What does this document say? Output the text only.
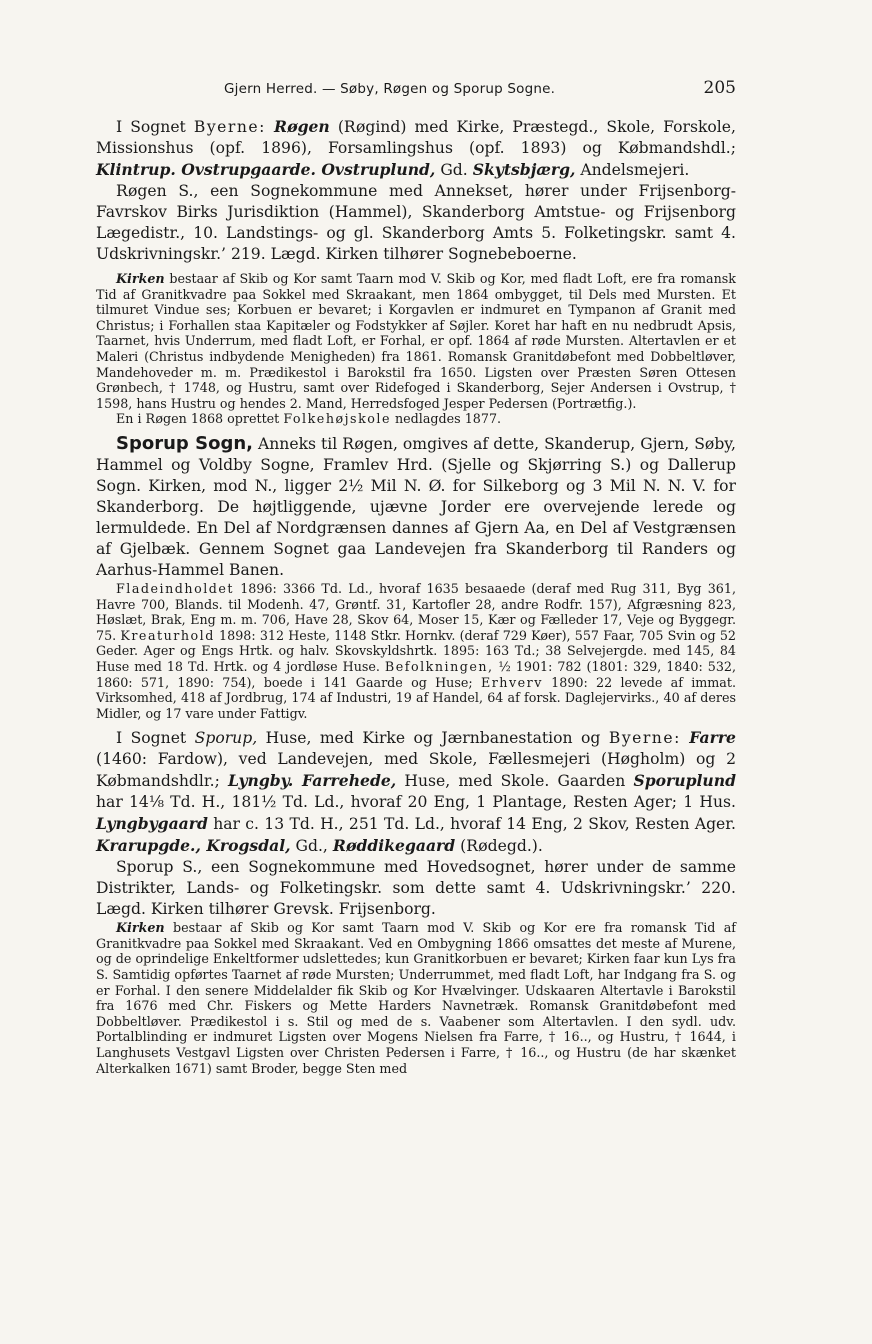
Gjern Herred. — Søby, Røgen og Sporup Sogne.	205

I Sognet Byerne: Røgen (Røgind) med Kirke, Præstegd., Skole, Forskole, Missionshus (opf. 1896), Forsamlingshus (opf. 1893) og Købmandshdl.; Klintrup. Ovstrupgaarde. Ovstruplund, Gd. Skytsbjærg, Andelsmejeri.

Røgen S., een Sognekommune med Annekset, hører under Frijsenborg-Favrskov Birks Jurisdiktion (Hammel), Skanderborg Amtstue- og Frijsenborg Lægedistr., 10. Landstings- og gl. Skanderborg Amts 5. Folketingskr. samt 4. Udskrivningskr.’ 219. Lægd. Kirken tilhører Sognebeboerne.

Kirken bestaar af Skib og Kor samt Taarn mod V. Skib og Kor, med fladt Loft, ere fra romansk Tid af Granitkvadre paa Sokkel med Skraakant, men 1864 ombygget, til Dels med Mursten. Et tilmuret Vindue ses; Korbuen er bevaret; i Korgavlen er indmuret en Tympanon af Granit med Christus; i Forhallen staa Kapitæler og Fodstykker af Søjler. Koret har haft en nu nedbrudt Apsis, Taarnet, hvis Underrum, med fladt Loft, er Forhal, er opf. 1864 af røde Mursten. Altertavlen er et Maleri (Christus indbydende Menigheden) fra 1861. Romansk Granitdøbefont med Dobbeltløver, Mandehoveder m. m. Prædikestol i Barokstil fra 1650. Ligsten over Præsten Søren Ottesen Grønbech, † 1748, og Hustru, samt over Ridefoged i Skanderborg, Sejer Andersen i Ovstrup, † 1598, hans Hustru og hendes 2. Mand, Herredsfoged Jesper Pedersen (Portrætfig.).

En i Røgen 1868 oprettet Folkehøjskole nedlagdes 1877.

Sporup Sogn, Anneks til Røgen, omgives af dette, Skanderup, Gjern, Søby, Hammel og Voldby Sogne, Framlev Hrd. (Sjelle og Skjørring S.) og Dallerup Sogn. Kirken, mod N., ligger 2½ Mil N. Ø. for Silkeborg og 3 Mil N. N. V. for Skanderborg. De højtliggende, ujævne Jorder ere overvejende lerede og lermuldede. En Del af Nordgrænsen dannes af Gjern Aa, en Del af Vestgrænsen af Gjelbæk. Gennem Sognet gaa Landevejen fra Skanderborg til Randers og Aarhus-Hammel Banen.

Fladeindholdet 1896: 3366 Td. Ld., hvoraf 1635 besaaede (deraf med Rug 311, Byg 361, Havre 700, Blands. til Modenh. 47, Grøntf. 31, Kartofler 28, andre Rodfr. 157), Afgræsning 823, Høslæt, Brak, Eng m. m. 706, Have 28, Skov 64, Moser 15, Kær og Fælleder 17, Veje og Byggegr. 75. Kreaturhold 1898: 312 Heste, 1148 Stkr. Hornkv. (deraf 729 Køer), 557 Faar, 705 Svin og 52 Geder. Ager og Engs Hrtk. og halv. Skovskyldshrtk. 1895: 163 Td.; 38 Selvejergde. med 145, 84 Huse med 18 Td. Hrtk. og 4 jordløse Huse. Befolkningen, ½ 1901: 782 (1801: 329, 1840: 532, 1860: 571, 1890: 754), boede i 141 Gaarde og Huse; Erhverv 1890: 22 levede af immat. Virksomhed, 418 af Jordbrug, 174 af Industri, 19 af Handel, 64 af forsk. Daglejervirks., 40 af deres Midler, og 17 vare under Fattigv.

I Sognet Sporup, Huse, med Kirke og Jærnbanestation og Byerne: Farre (1460: Fardow), ved Landevejen, med Skole, Fællesmejeri (Høgholm) og 2 Købmandshdlr.; Lyngby. Farrehede, Huse, med Skole. Gaarden Sporuplund har 14⅛ Td. H., 181½ Td. Ld., hvoraf 20 Eng, 1 Plantage, Resten Ager; 1 Hus. Lyngbygaard har c. 13 Td. H., 251 Td. Ld., hvoraf 14 Eng, 2 Skov, Resten Ager. Krarupgde., Krogsdal, Gd., Røddikegaard (Rødegd.).

Sporup S., een Sognekommune med Hovedsognet, hører under de samme Distrikter, Lands- og Folketingskr. som dette samt 4. Udskrivningskr.’ 220. Lægd. Kirken tilhører Grevsk. Frijsenborg.

Kirken bestaar af Skib og Kor samt Taarn mod V. Skib og Kor ere fra romansk Tid af Granitkvadre paa Sokkel med Skraakant. Ved en Ombygning 1866 omsattes det meste af Murene, og de oprindelige Enkeltformer udslettedes; kun Granitkorbuen er bevaret; Kirken faar kun Lys fra S. Samtidig opførtes Taarnet af røde Mursten; Underrummet, med fladt Loft, har Indgang fra S. og er Forhal. I den senere Middelalder fik Skib og Kor Hvælvinger. Udskaaren Altertavle i Barokstil fra 1676 med Chr. Fiskers og Mette Harders Navnetræk. Romansk Granitdøbefont med Dobbeltløver. Prædikestol i s. Stil og med de s. Vaabener som Altertavlen. I den sydl. udv. Portalblinding er indmuret Ligsten over Mogens Nielsen fra Farre, † 16.., og Hustru, † 1644, i Langhusets Vestgavl Ligsten over Christen Pedersen i Farre, † 16.., og Hustru (de har skænket Alterkalken 1671) samt Broder, begge Sten med
